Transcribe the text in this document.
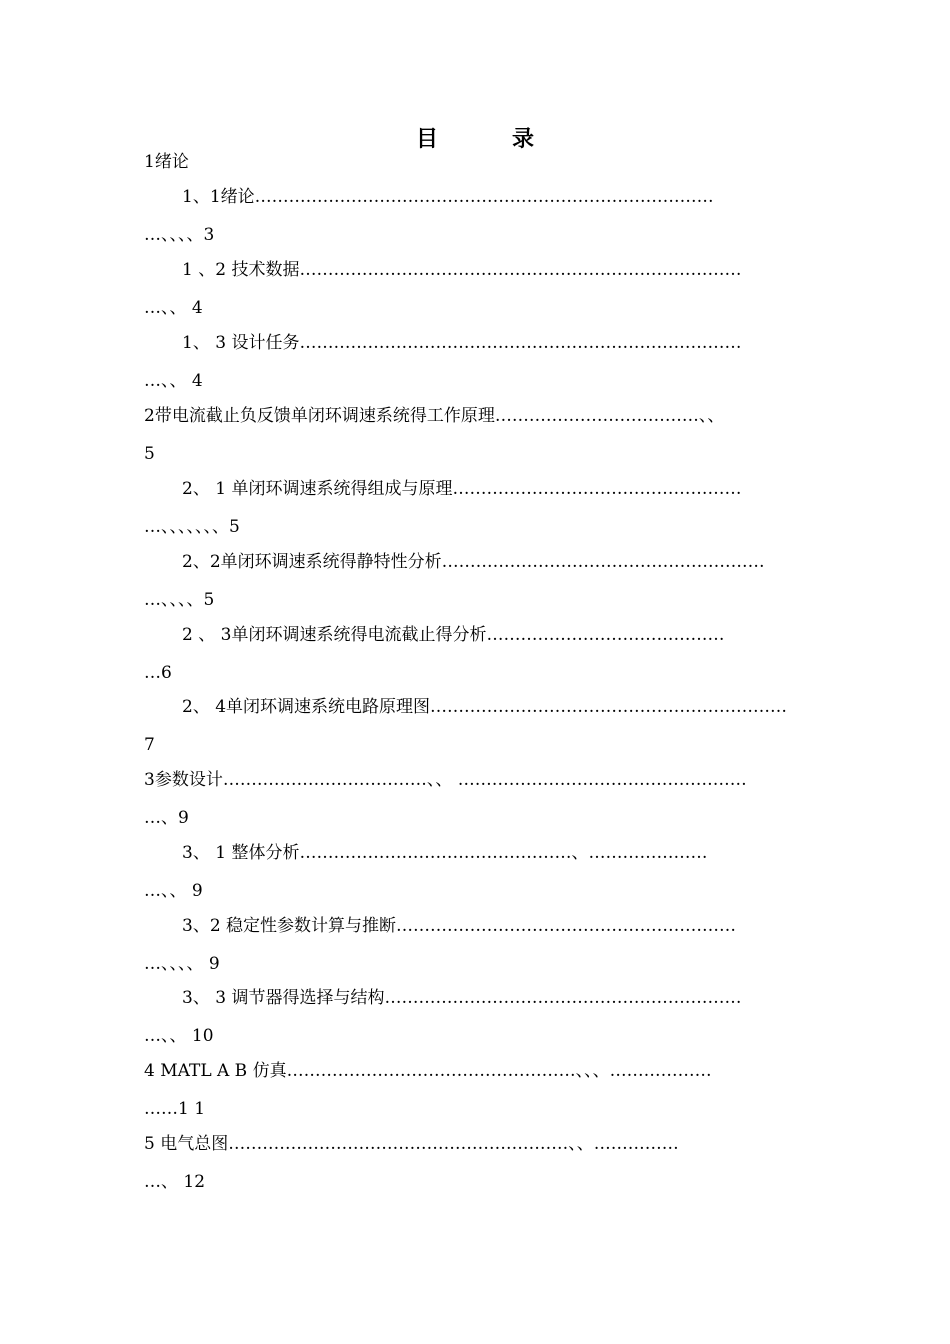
目　录
1绪论
1、1绪论………………………………………………………………………
…、、、、3
1 、2 技术数据……………………………………………………………………
…、、 4
1、 3 设计任务……………………………………………………………………
…、、 4
2带电流截止负反馈单闭环调速系统得工作原理………………………………、、
5
2、 1 单闭环调速系统得组成与原理……………………………………………
…、、、、、、、5
2、2单闭环调速系统得静特性分析…………………………………………………
…、、、、5
2 、 3单闭环调速系统得电流截止得分析……………………………………
…6
2、 4单闭环调速系统电路原理图………………………………………………………
7
3参数设计………………………………、、 ……………………………………………
…、9
3、 1 整体分析…………………………………………、…………………
…、、 9
3、2 稳定性参数计算与推断……………………………………………………
…、、、、 9
3、 3 调节器得选择与结构………………………………………………………
…、、 10
4 MATL A B 仿真……………………………………………、、、………………
……1 1
5 电气总图……………………………………………………、、……………
…、 12
